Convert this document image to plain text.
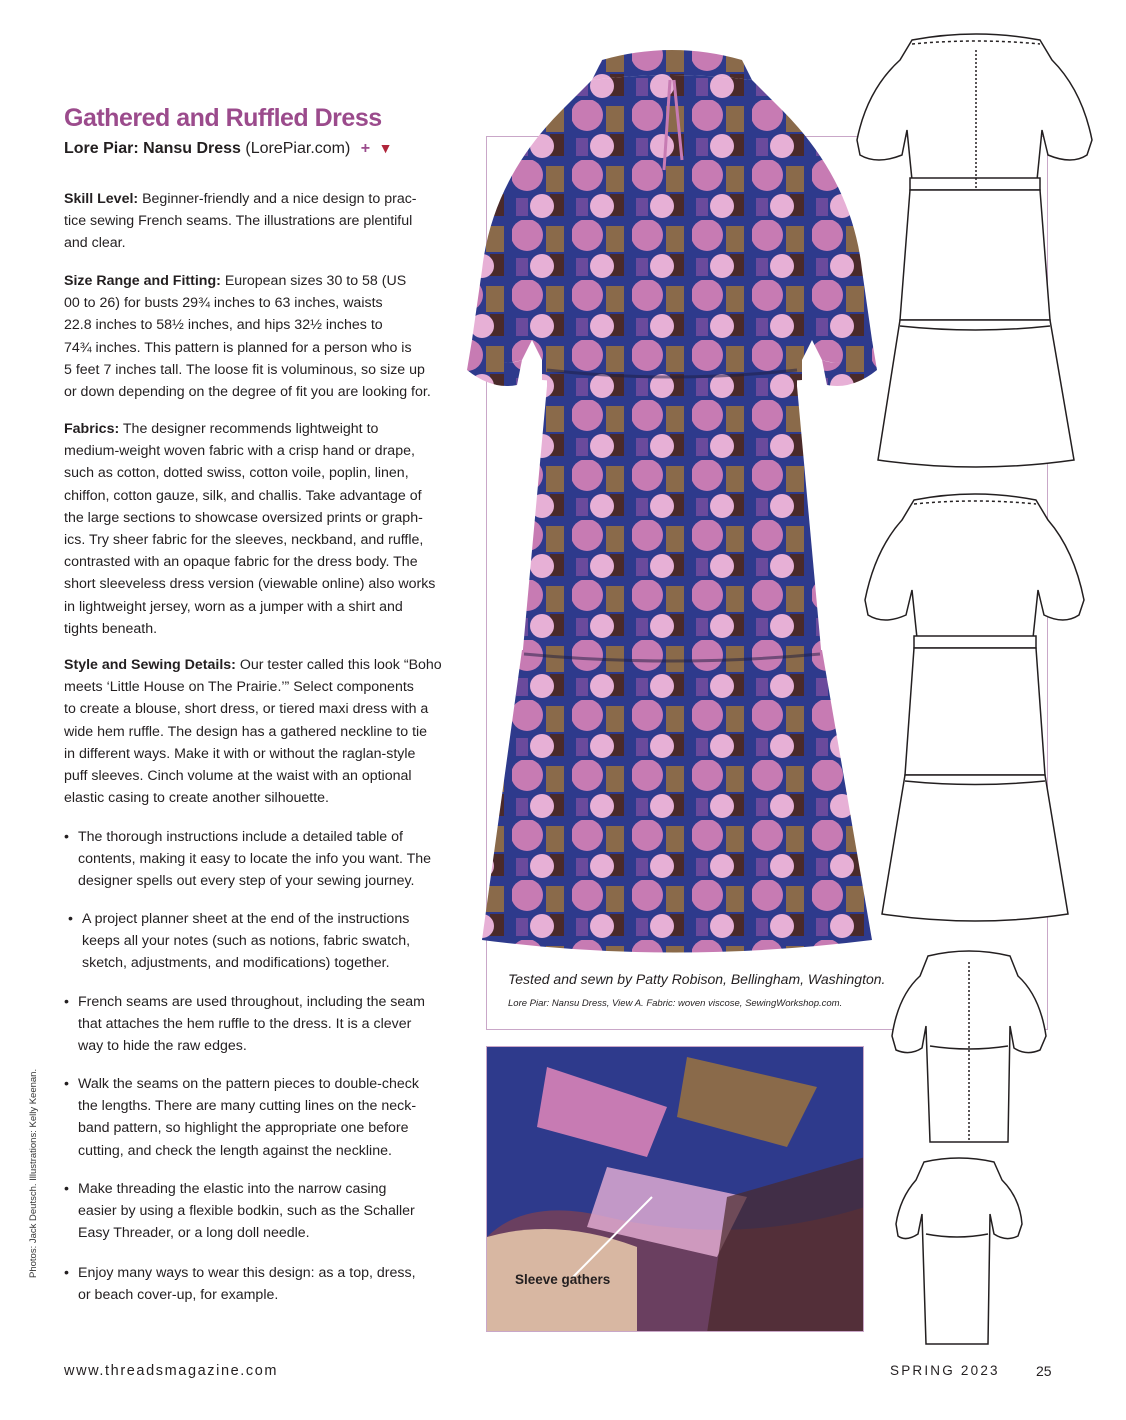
Gathered and Ruffled Dress
Lore Piar: Nansu Dress (LorePiar.com) + ▼
Skill Level: Beginner-friendly and a nice design to prac-
tice sewing French seams. The illustrations are plentiful
and clear.
Size Range and Fitting: European sizes 30 to 58 (US
00 to 26) for busts 29¾ inches to 63 inches, waists
22.8 inches to 58½ inches, and hips 32½ inches to
74¾ inches. This pattern is planned for a person who is
5 feet 7 inches tall. The loose fit is voluminous, so size up
or down depending on the degree of fit you are looking for.
Fabrics: The designer recommends lightweight to
medium-weight woven fabric with a crisp hand or drape,
such as cotton, dotted swiss, cotton voile, poplin, linen,
chiffon, cotton gauze, silk, and challis. Take advantage of
the large sections to showcase oversized prints or graph-
ics. Try sheer fabric for the sleeves, neckband, and ruffle,
contrasted with an opaque fabric for the dress body. The
short sleeveless dress version (viewable online) also works
in lightweight jersey, worn as a jumper with a shirt and
tights beneath.
Style and Sewing Details: Our tester called this look “Boho
meets ‘Little House on The Prairie.’” Select components
to create a blouse, short dress, or tiered maxi dress with a
wide hem ruffle. The design has a gathered neckline to tie
in different ways. Make it with or without the raglan-style
puff sleeves. Cinch volume at the waist with an optional
elastic casing to create another silhouette.
• The thorough instructions include a detailed table of
contents, making it easy to locate the info you want. The
designer spells out every step of your sewing journey.
• A project planner sheet at the end of the instructions
keeps all your notes (such as notions, fabric swatch,
sketch, adjustments, and modifications) together.
• French seams are used throughout, including the seam
that attaches the hem ruffle to the dress. It is a clever
way to hide the raw edges.
• Walk the seams on the pattern pieces to double-check
the lengths. There are many cutting lines on the neck-
band pattern, so highlight the appropriate one before
cutting, and check the length against the neckline.
• Make threading the elastic into the narrow casing
easier by using a flexible bodkin, such as the Schaller
Easy Threader, or a long doll needle.
• Enjoy many ways to wear this design: as a top, dress,
or beach cover-up, for example.
Photos: Jack Deutsch. Illustrations: Kelly Keenan.
Tested and sewn by Patty Robison, Bellingham, Washington.
Lore Piar: Nansu Dress, View A. Fabric: woven viscose, SewingWorkshop.com.
Sleeve gathers
www.threadsmagazine.com	SPRING 2023	25
